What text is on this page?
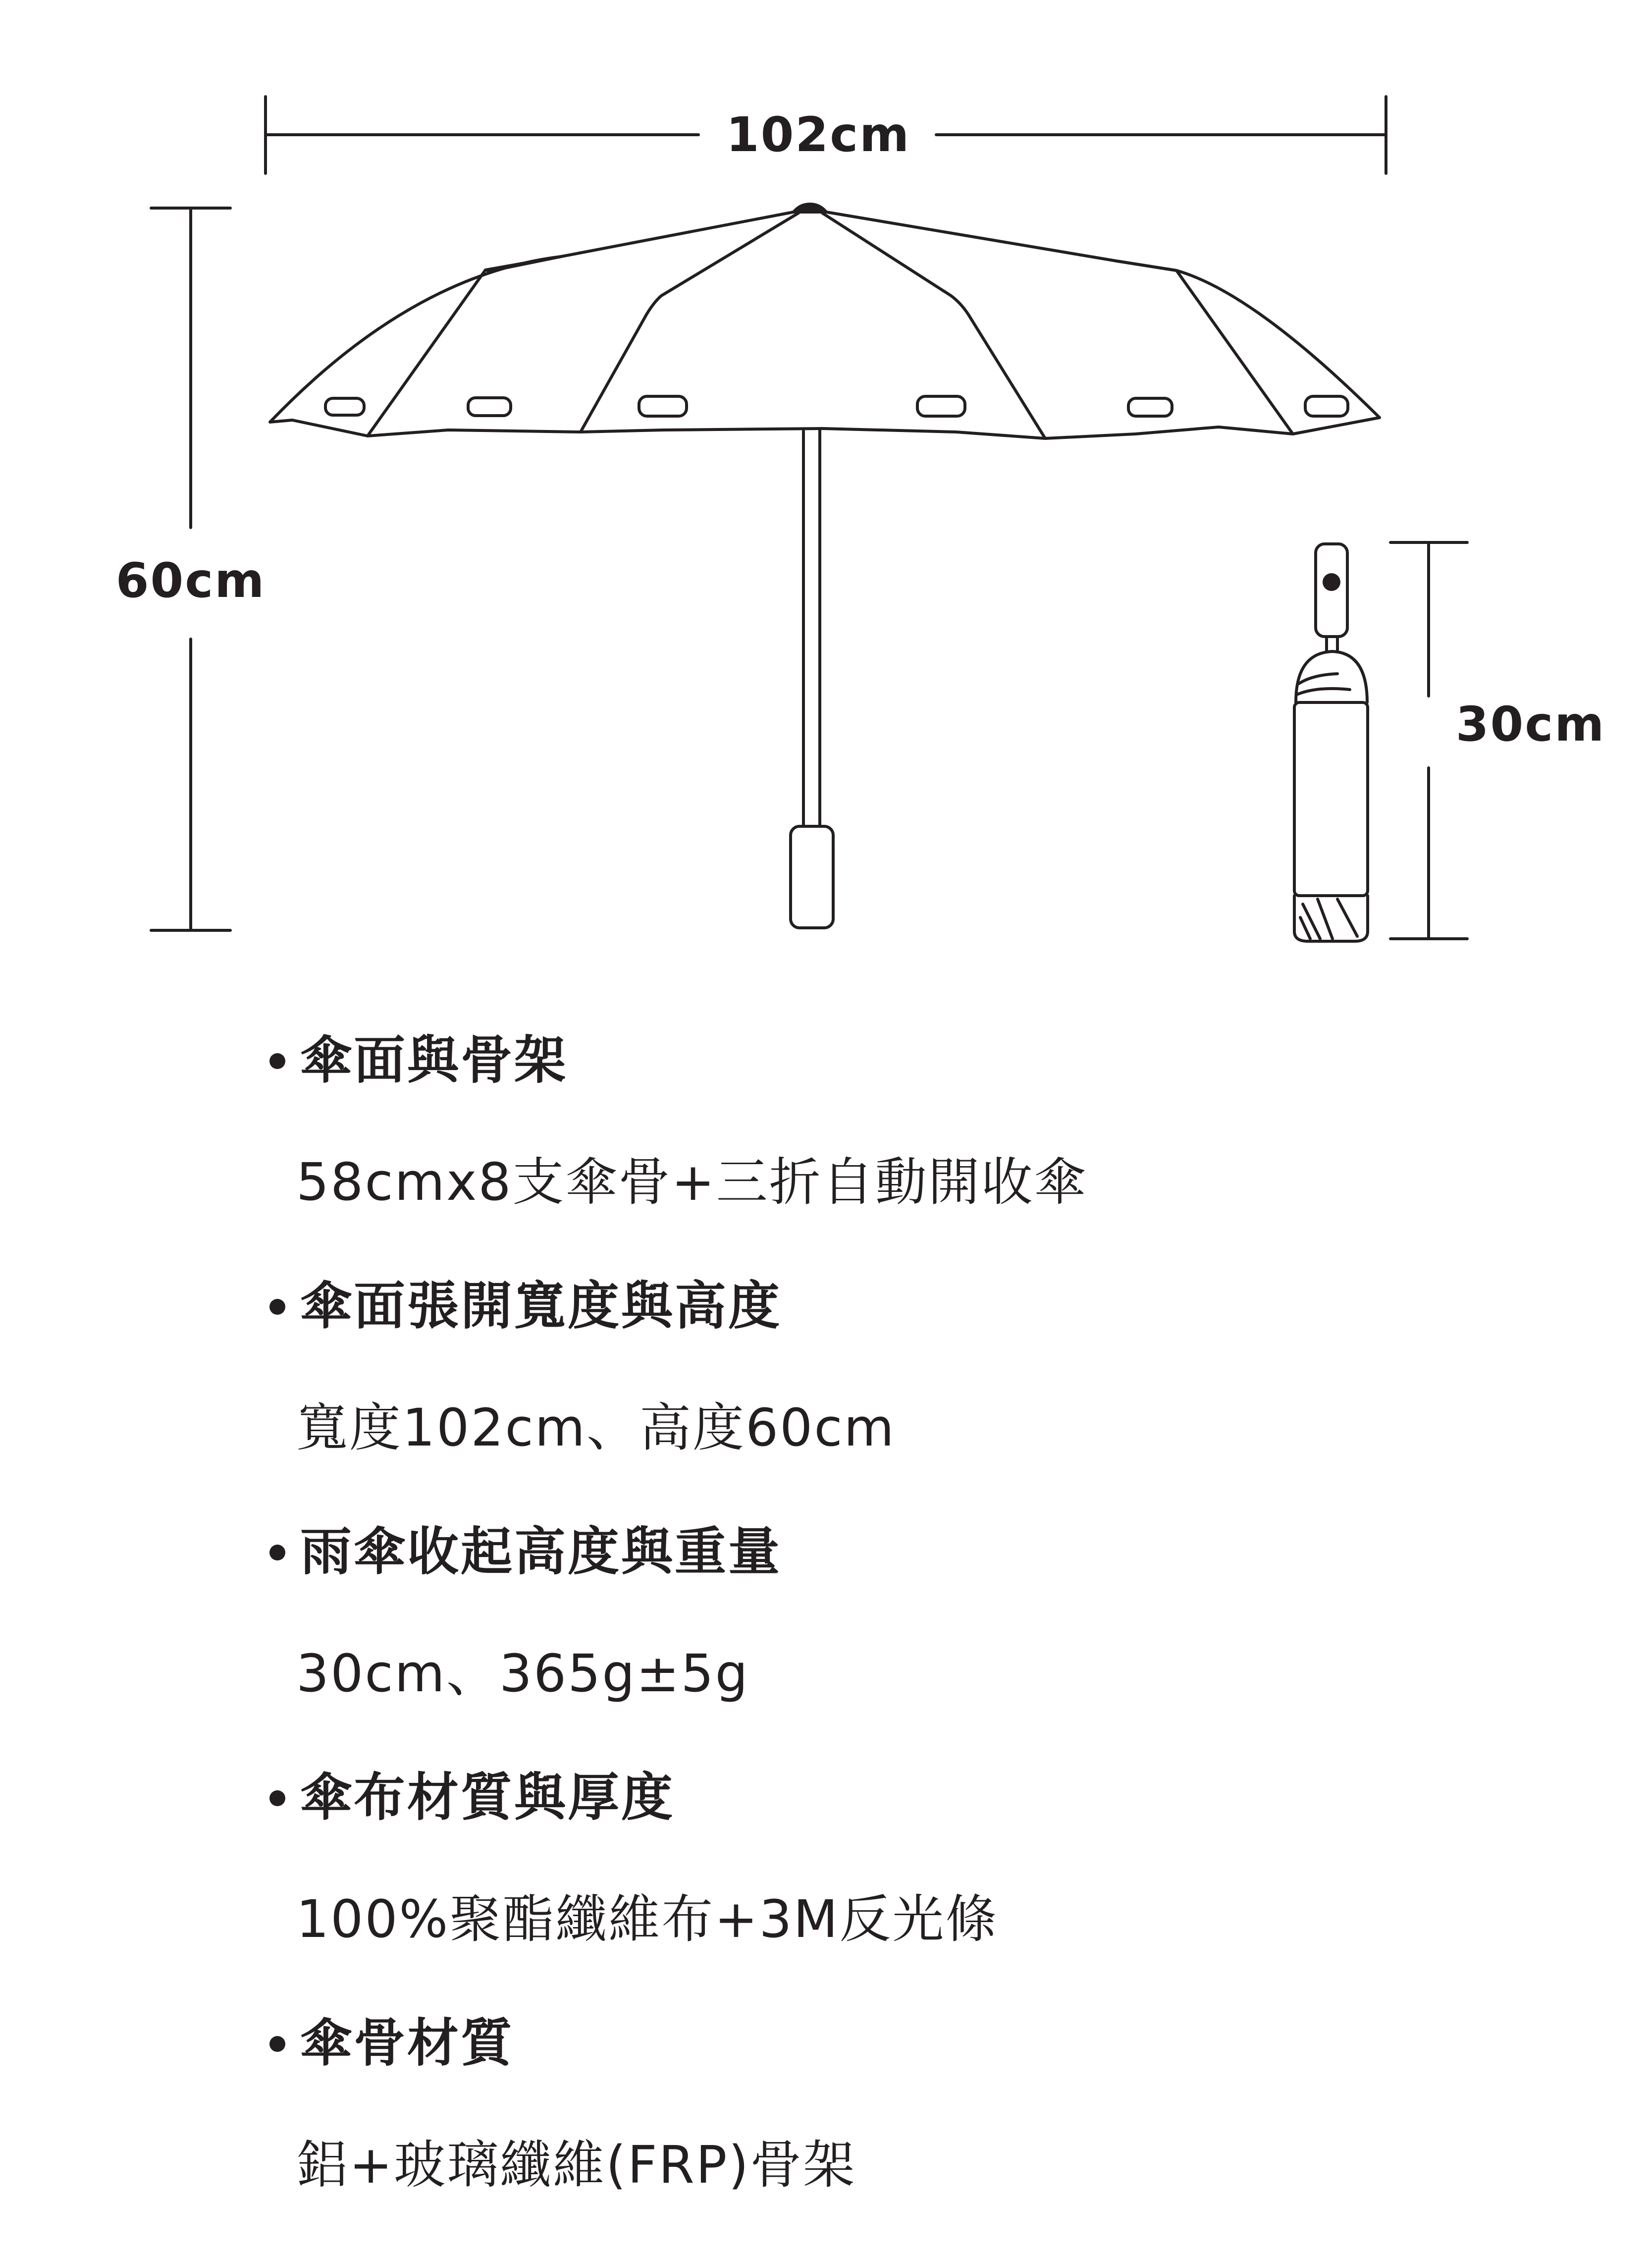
102cm
60cm
30cm
傘面與骨架
58cmx8支傘骨+三折自動開收傘
傘面張開寬度與高度
寬度102cm、高度60cm
雨傘收起高度與重量
30cm、365g±5g
傘布材質與厚度
100%聚酯纖維布+3M反光條
傘骨材質
鋁+玻璃纖維(FRP)骨架
